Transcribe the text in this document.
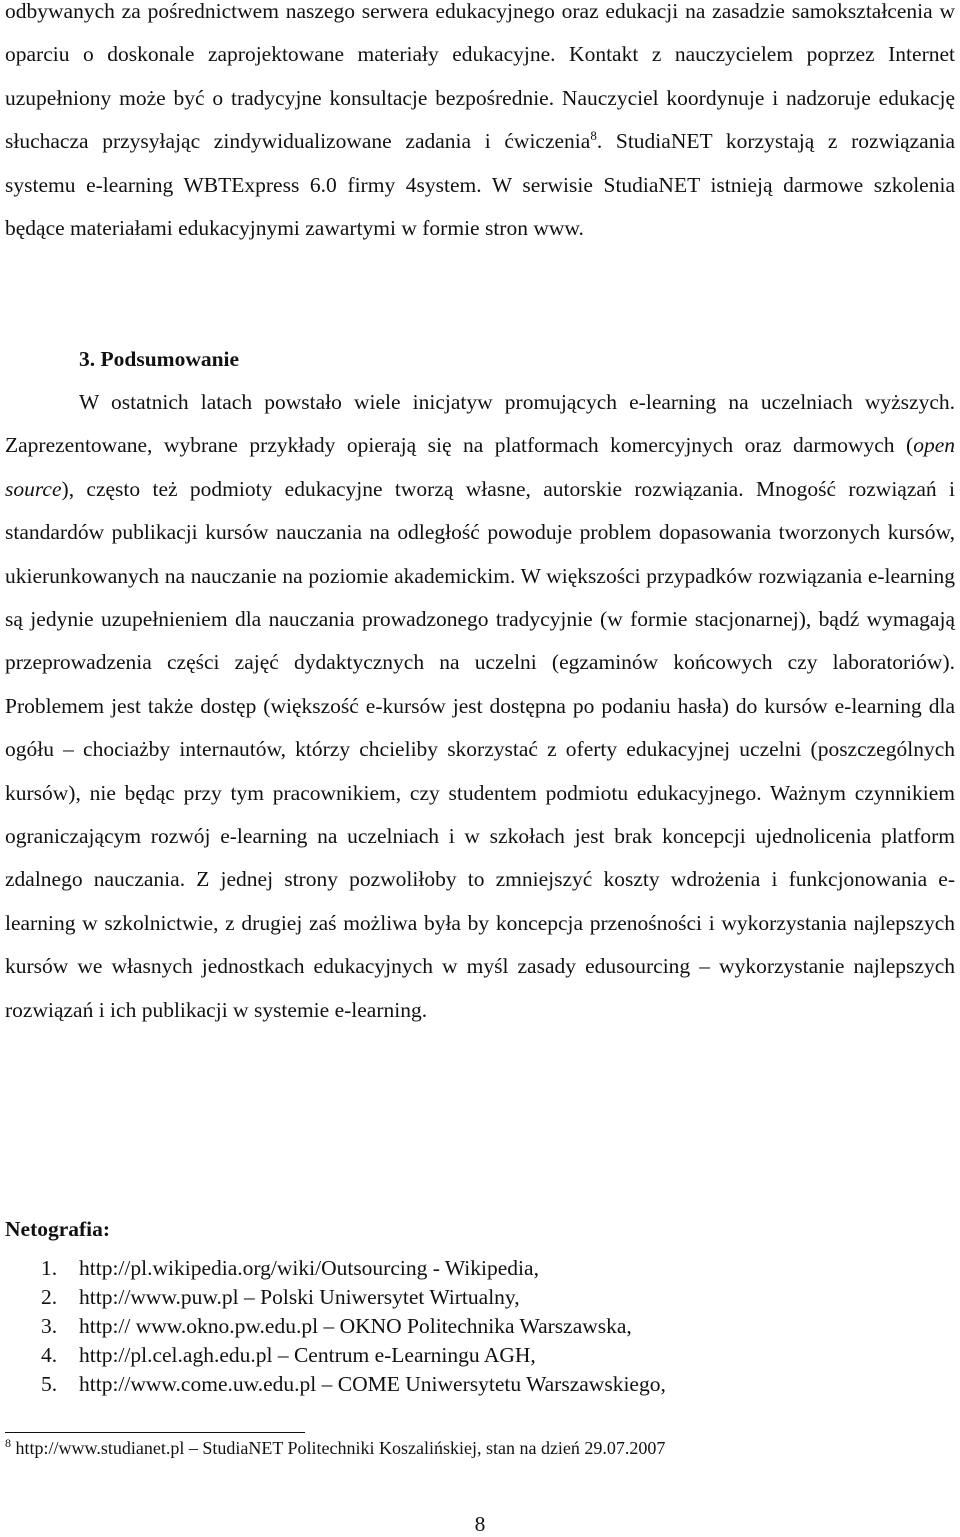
odbywanych za pośrednictwem naszego serwera edukacyjnego oraz edukacji na zasadzie samokształcenia w oparciu o doskonale zaprojektowane materiały edukacyjne. Kontakt z nauczycielem poprzez Internet uzupełniony może być o tradycyjne konsultacje bezpośrednie. Nauczyciel koordynuje i nadzoruje edukację słuchacza przysyłając zindywidualizowane zadania i ćwiczenia$^8$. StudiaNET korzystają z rozwiązania systemu e-learning WBTExpress 6.0 firmy 4system. W serwisie StudiaNET istnieją darmowe szkolenia będące materiałami edukacyjnymi zawartymi w formie stron www.

3. Podsumowanie

W ostatnich latach powstało wiele inicjatyw promujących e-learning na uczelniach wyższych. Zaprezentowane, wybrane przykłady opierają się na platformach komercyjnych oraz darmowych (open source), często też podmioty edukacyjne tworzą własne, autorskie rozwiązania. Mnogość rozwiązań i standardów publikacji kursów nauczania na odległość powoduje problem dopasowania tworzonych kursów, ukierunkowanych na nauczanie na poziomie akademickim. W większości przypadków rozwiązania e-learning są jedynie uzupełnieniem dla nauczania prowadzonego tradycyjnie (w formie stacjonarnej), bądź wymagają przeprowadzenia części zajęć dydaktycznych na uczelni (egzaminów końcowych czy laboratoriów). Problemem jest także dostęp (większość e-kursów jest dostępna po podaniu hasła) do kursów e-learning dla ogółu – chociażby internautów, którzy chcieliby skorzystać z oferty edukacyjnej uczelni (poszczególnych kursów), nie będąc przy tym pracownikiem, czy studentem podmiotu edukacyjnego. Ważnym czynnikiem ograniczającym rozwój e-learning na uczelniach i w szkołach jest brak koncepcji ujednolicenia platform zdalnego nauczania. Z jednej strony pozwoliłoby to zmniejszyć koszty wdrożenia i funkcjonowania e-learning w szkolnictwie, z drugiej zaś możliwa była by koncepcja przenośności i wykorzystania najlepszych kursów we własnych jednostkach edukacyjnych w myśl zasady edusourcing – wykorzystanie najlepszych rozwiązań i ich publikacji w systemie e-learning.

Netografia:
1. http://pl.wikipedia.org/wiki/Outsourcing - Wikipedia,
2. http://www.puw.pl – Polski Uniwersytet Wirtualny,
3. http:// www.okno.pw.edu.pl – OKNO Politechnika Warszawska,
4. http://pl.cel.agh.edu.pl – Centrum e-Learningu AGH,
5. http://www.come.uw.edu.pl – COME Uniwersytetu Warszawskiego,

$^8$ http://www.studianet.pl – StudiaNET Politechniki Koszalińskiej, stan na dzień 29.07.2007

8
